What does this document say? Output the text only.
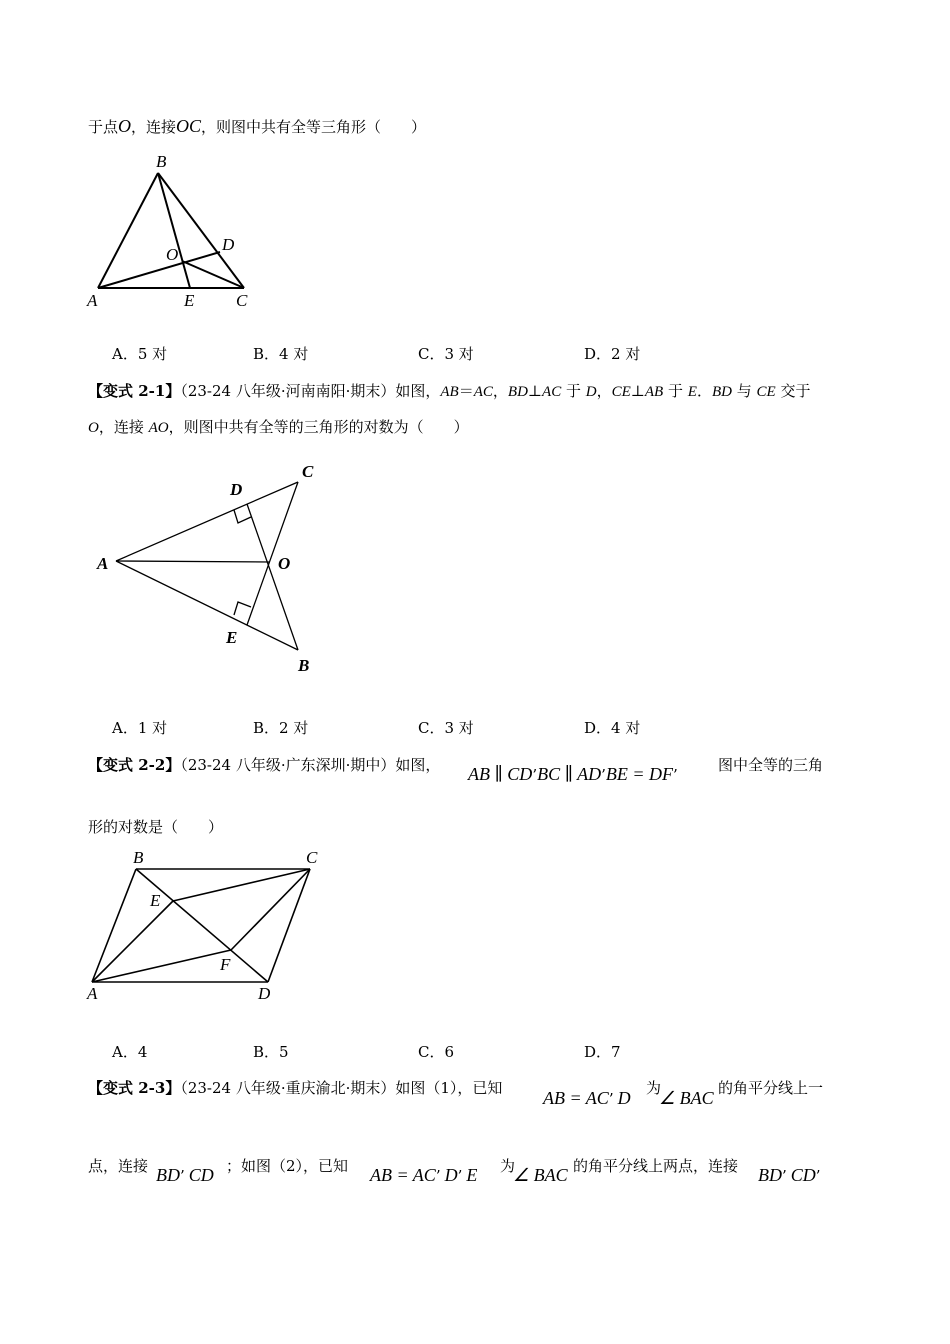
于点O，连接OC，则图中共有全等三角形（　　）
B
O
D
A	E C
A．5 对	B．4 对	C．3 对	D．2 对
【变式 2-1】（23-24 八年级·河南南阳·期末）如图，AB＝AC，BD⊥AC 于 D，CE⊥AB 于 E．BD 与 CE 交于
O，连接 AO，则图中共有全等的三角形的对数为（　　）
C
D
A	O
E
B
A．1 对	B．2 对	C．3 对	D．4 对
【变式 2-2】（23-24 八年级·广东深圳·期中）如图， AB ∥ CD’BC ∥ AD’BE = DF’
图中全等的三角
形的对数是（　　）
B	C
E
F
A	D
A．4	B．5	C．6	D．7
【变式 2-3】（23-24 八年级·重庆渝北·期末）如图（1），已知 AB = AC’ D 为
∠ BAC 的角平分线上一
点，连接 BD’ CD ；如图（2），已知 AB = AC’ D’ E 为
∠ BAC 的角平分线上两点，连接 BD’ CD’
